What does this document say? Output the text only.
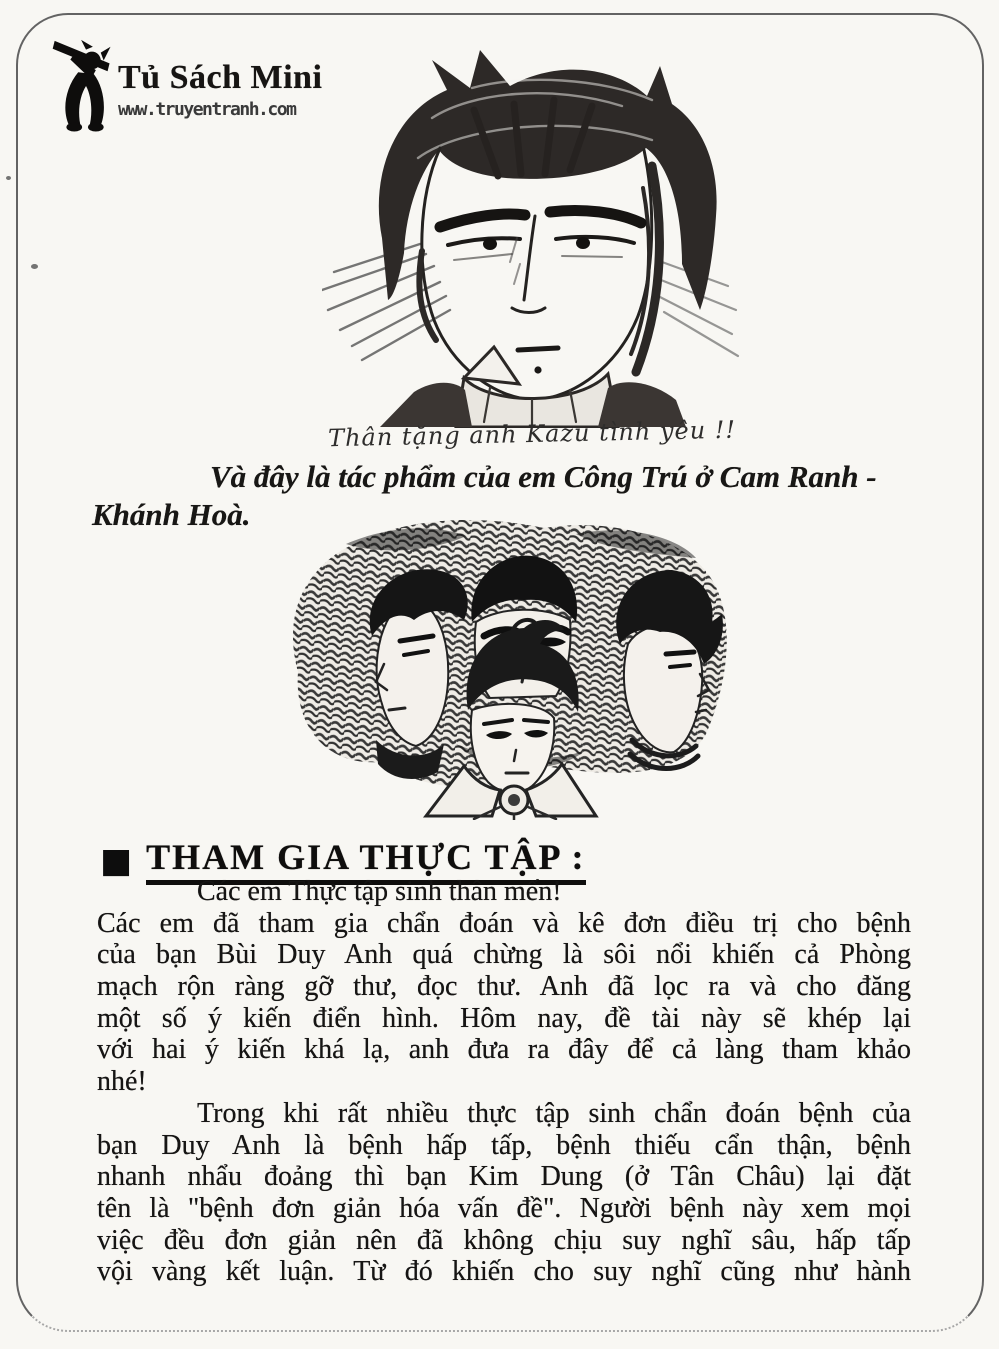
Tủ Sách Mini
www.truyentranh.com
Thân tặng anh Kazu tình yêu !!
Và đây là tác phẩm của em Công Trú ở Cam Ranh -
Khánh Hoà.
■ THAM GIA THỰC TẬP :
Các em Thực tập sinh thân mến!
Các em đã tham gia chẩn đoán và kê đơn điều trị cho bệnh
của bạn Bùi Duy Anh quá chừng là sôi nổi khiến cả Phòng
mạch rộn ràng gỡ thư, đọc thư. Anh đã lọc ra và cho đăng
một số ý kiến điển hình. Hôm nay, đề tài này sẽ khép lại
với hai ý kiến khá lạ, anh đưa ra đây để cả làng tham khảo
nhé!
Trong khi rất nhiều thực tập sinh chẩn đoán bệnh của
bạn Duy Anh là bệnh hấp tấp, bệnh thiếu cẩn thận, bệnh
nhanh nhẩu đoảng thì bạn Kim Dung (ở Tân Châu) lại đặt
tên là "bệnh đơn giản hóa vấn đề". Người bệnh này xem mọi
việc đều đơn giản nên đã không chịu suy nghĩ sâu, hấp tấp
vội vàng kết luận. Từ đó khiến cho suy nghĩ cũng như hành
